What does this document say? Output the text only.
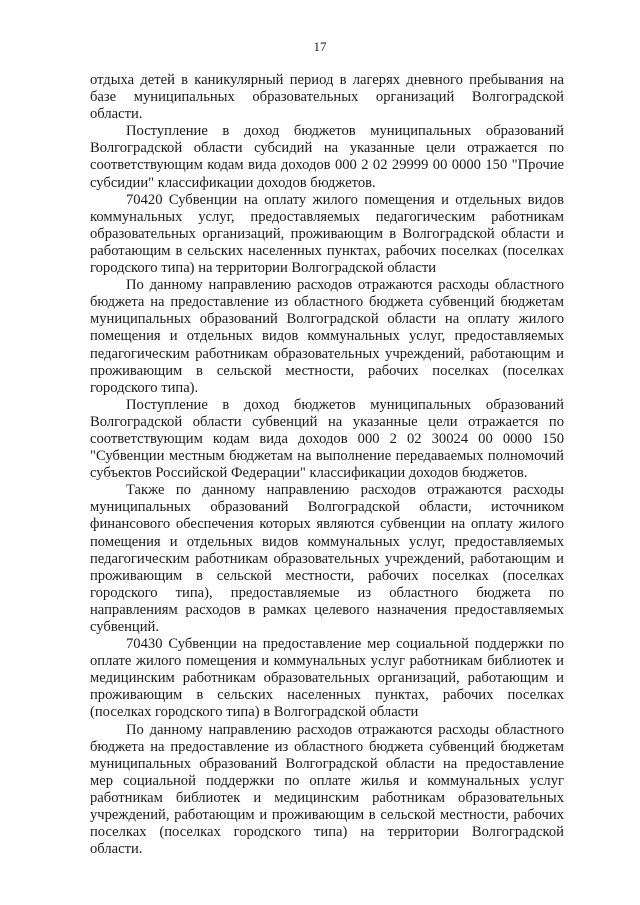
17

отдыха детей в каникулярный период в лагерях дневного пребывания на базе муниципальных образовательных организаций Волгоградской области.

Поступление в доход бюджетов муниципальных образований Волгоградской области субсидий на указанные цели отражается по соответствующим кодам вида доходов 000 2 02 29999 00 0000 150 "Прочие субсидии" классификации доходов бюджетов.

70420 Субвенции на оплату жилого помещения и отдельных видов коммунальных услуг, предоставляемых педагогическим работникам образовательных организаций, проживающим в Волгоградской области и работающим в сельских населенных пунктах, рабочих поселках (поселках городского типа) на территории Волгоградской области

По данному направлению расходов отражаются расходы областного бюджета на предоставление из областного бюджета субвенций бюджетам муниципальных образований Волгоградской области на оплату жилого помещения и отдельных видов коммунальных услуг, предоставляемых педагогическим работникам образовательных учреждений, работающим и проживающим в сельской местности, рабочих поселках (поселках городского типа).

Поступление в доход бюджетов муниципальных образований Волгоградской области субвенций на указанные цели отражается по соответствующим кодам вида доходов 000 2 02 30024 00 0000 150 "Субвенции местным бюджетам на выполнение передаваемых полномочий субъектов Российской Федерации" классификации доходов бюджетов.

Также по данному направлению расходов отражаются расходы муниципальных образований Волгоградской области, источником финансового обеспечения которых являются субвенции на оплату жилого помещения и отдельных видов коммунальных услуг, предоставляемых педагогическим работникам образовательных учреждений, работающим и проживающим в сельской местности, рабочих поселках (поселках городского типа), предоставляемые из областного бюджета по направлениям расходов в рамках целевого назначения предоставляемых субвенций.

70430 Субвенции на предоставление мер социальной поддержки по оплате жилого помещения и коммунальных услуг работникам библиотек и медицинским работникам образовательных организаций, работающим и проживающим в сельских населенных пунктах, рабочих поселках (поселках городского типа) в Волгоградской области

По данному направлению расходов отражаются расходы областного бюджета на предоставление из областного бюджета субвенций бюджетам муниципальных образований Волгоградской области на предоставление мер социальной поддержки по оплате жилья и коммунальных услуг работникам библиотек и медицинским работникам образовательных учреждений, работающим и проживающим в сельской местности, рабочих поселках (поселках городского типа) на территории Волгоградской области.
